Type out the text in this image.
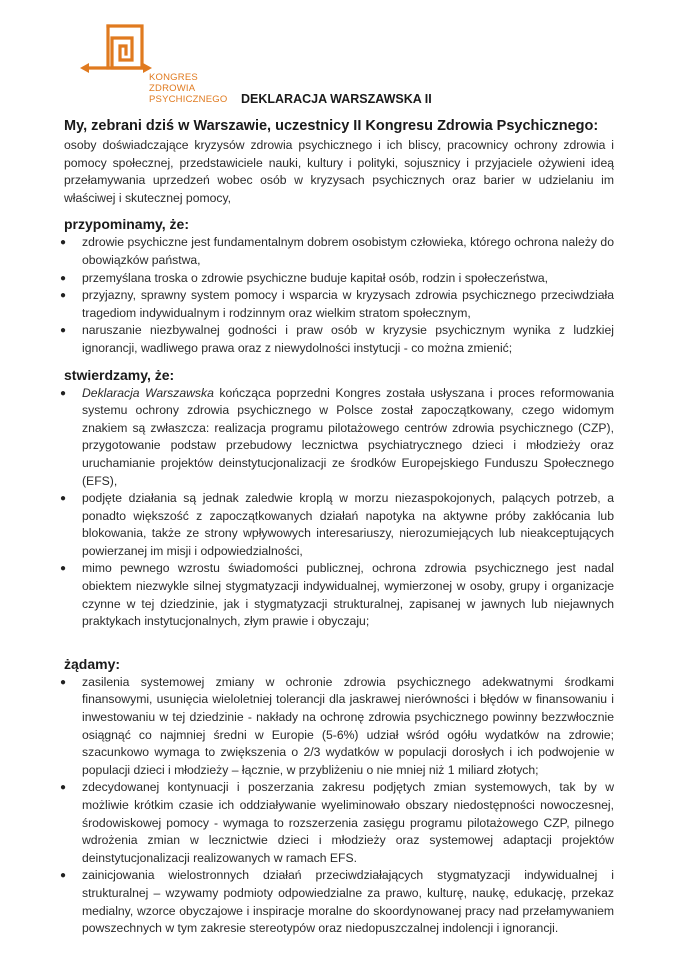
KONGRES
ZDROWIA
PSYCHICZNEGO DEKLARACJA WARSZAWSKA II

My, zebrani dziś w Warszawie, uczestnicy II Kongresu Zdrowia Psychicznego:

osoby doświadczające kryzysów zdrowia psychicznego i ich bliscy, pracownicy ochrony zdrowia i pomocy społecznej, przedstawiciele nauki, kultury i polityki, sojusznicy i przyjaciele ożywieni ideą przełamywania uprzedzeń wobec osób w kryzysach psychicznych oraz barier w udzielaniu im właściwej i skutecznej pomocy,

przypominamy, że:

● zdrowie psychiczne jest fundamentalnym dobrem osobistym człowieka, którego ochrona należy do obowiązków państwa,
● przemyślana troska o zdrowie psychiczne buduje kapitał osób, rodzin i społeczeństwa,
● przyjazny, sprawny system pomocy i wsparcia w kryzysach zdrowia psychicznego przeciwdziała tragediom indywidualnym i rodzinnym oraz wielkim stratom społecznym,
● naruszanie niezbywalnej godności i praw osób w kryzysie psychicznym wynika z ludzkiej ignorancji, wadliwego prawa oraz z niewydolności instytucji - co można zmienić;

stwierdzamy, że:

● Deklaracja Warszawska kończąca poprzedni Kongres została usłyszana i proces reformowania systemu ochrony zdrowia psychicznego w Polsce został zapoczątkowany, czego widomym znakiem są zwłaszcza: realizacja programu pilotażowego centrów zdrowia psychicznego (CZP), przygotowanie podstaw przebudowy lecznictwa psychiatrycznego dzieci i młodzieży oraz uruchamianie projektów deinstytucjonalizacji ze środków Europejskiego Funduszu Społecznego (EFS),
● podjęte działania są jednak zaledwie kroplą w morzu niezaspokojonych, palących potrzeb, a ponadto większość z zapoczątkowanych działań napotyka na aktywne próby zakłócania lub blokowania, także ze strony wpływowych interesariuszy, nierozumiejących lub nieakceptujących powierzanej im misji i odpowiedzialności,
● mimo pewnego wzrostu świadomości publicznej, ochrona zdrowia psychicznego jest nadal obiektem niezwykle silnej stygmatyzacji indywidualnej, wymierzonej w osoby, grupy i organizacje czynne w tej dziedzinie, jak i stygmatyzacji strukturalnej, zapisanej w jawnych lub niejawnych praktykach instytucjonalnych, złym prawie i obyczaju;

żądamy:

● zasilenia systemowej zmiany w ochronie zdrowia psychicznego adekwatnymi środkami finansowymi, usunięcia wieloletniej tolerancji dla jaskrawej nierówności i błędów w finansowaniu i inwestowaniu w tej dziedzinie - nakłady na ochronę zdrowia psychicznego powinny bezzwłocznie osiągnąć co najmniej średni w Europie (5-6%) udział wśród ogółu wydatków na zdrowie; szacunkowo wymaga to zwiększenia o 2/3 wydatków w populacji dorosłych i ich podwojenie w populacji dzieci i młodzieży – łącznie, w przybliżeniu o nie mniej niż 1 miliard złotych;
● zdecydowanej kontynuacji i poszerzania zakresu podjętych zmian systemowych, tak by w możliwie krótkim czasie ich oddziaływanie wyeliminowało obszary niedostępności nowoczesnej, środowiskowej pomocy - wymaga to rozszerzenia zasięgu programu pilotażowego CZP, pilnego wdrożenia zmian w lecznictwie dzieci i młodzieży oraz systemowej adaptacji projektów deinstytucjonalizacji realizowanych w ramach EFS.
● zainicjowania wielostronnych działań przeciwdziałających stygmatyzacji indywidualnej i strukturalnej – wzywamy podmioty odpowiedzialne za prawo, kulturę, naukę, edukację, przekaz medialny, wzorce obyczajowe i inspiracje moralne do skoordynowanej pracy nad przełamywaniem powszechnych w tym zakresie stereotypów oraz niedopuszczalnej indolencji i ignorancji.
